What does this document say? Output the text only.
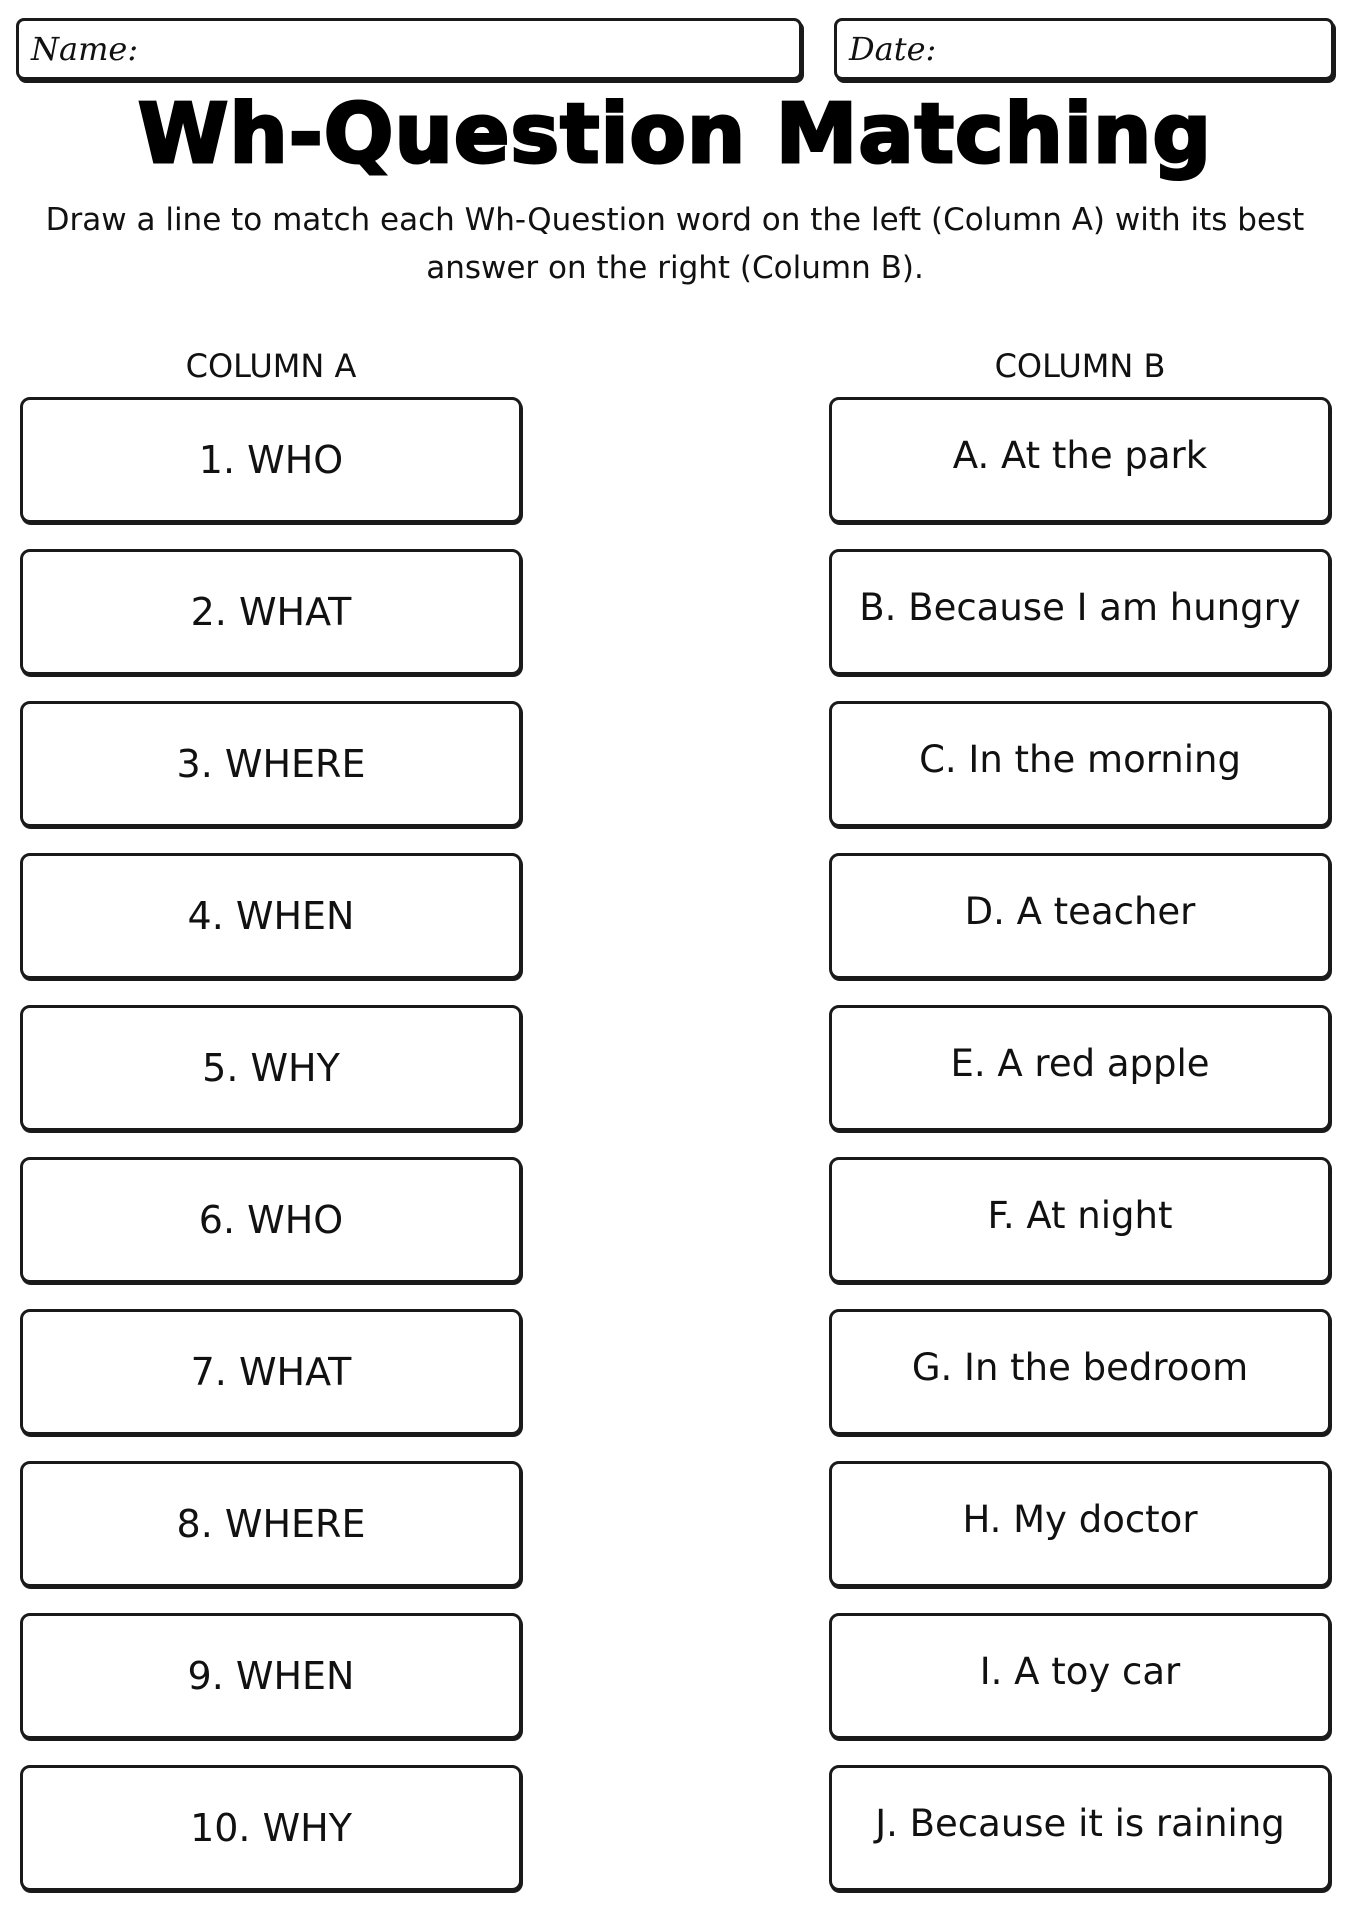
Name:	Date:
Wh-Question Matching

Draw a line to match each Wh-Question word on the left (Column A) with its best answer on the right (Column B).

COLUMN A	COLUMN B
1. WHO
2. WHAT
3. WHERE
4. WHEN
5. WHY
6. WHO
7. WHAT
8. WHERE
9. WHEN
10. WHY
A. At the park
B. Because I am hungry
C. In the morning
D. A teacher
E. A red apple
F. At night
G. In the bedroom
H. My doctor
I. A toy car
J. Because it is raining
